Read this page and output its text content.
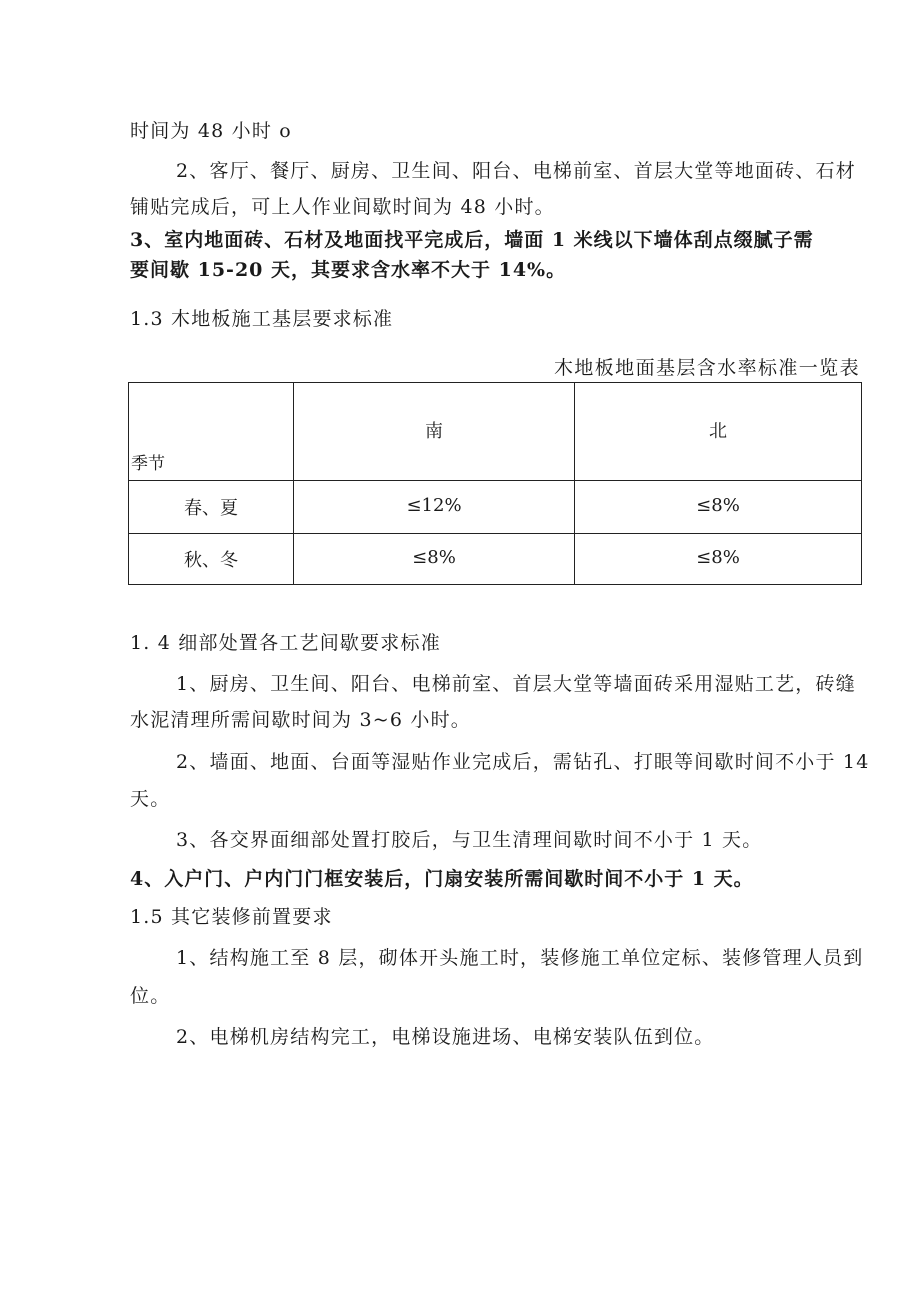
时间为 48 小时 o
2、客厅、餐厅、厨房、卫生间、阳台、电梯前室、首层大堂等地面砖、石材
铺贴完成后，可上人作业间歇时间为 48 小时。
3、室内地面砖、石材及地面找平完成后，墙面 1 米线以下墙体刮点缀腻子需
要间歇 15-20 天，其要求含水率不大于 14%。
1.3 木地板施工基层要求标准
木地板地面基层含水率标准一览表
季节	南	北
春、夏	≤12%	≤8%
秋、冬	≤8%	≤8%
1. 4 细部处置各工艺间歇要求标准
1、厨房、卫生间、阳台、电梯前室、首层大堂等墙面砖采用湿贴工艺，砖缝
水泥清理所需间歇时间为 3~6 小时。
2、墙面、地面、台面等湿贴作业完成后，需钻孔、打眼等间歇时间不小于 14
天。
3、各交界面细部处置打胶后，与卫生清理间歇时间不小于 1 天。
4、入户门、户内门门框安装后，门扇安装所需间歇时间不小于 1 天。
1.5 其它装修前置要求
1、结构施工至 8 层，砌体开头施工时，装修施工单位定标、装修管理人员到
位。
2、电梯机房结构完工，电梯设施进场、电梯安装队伍到位。
